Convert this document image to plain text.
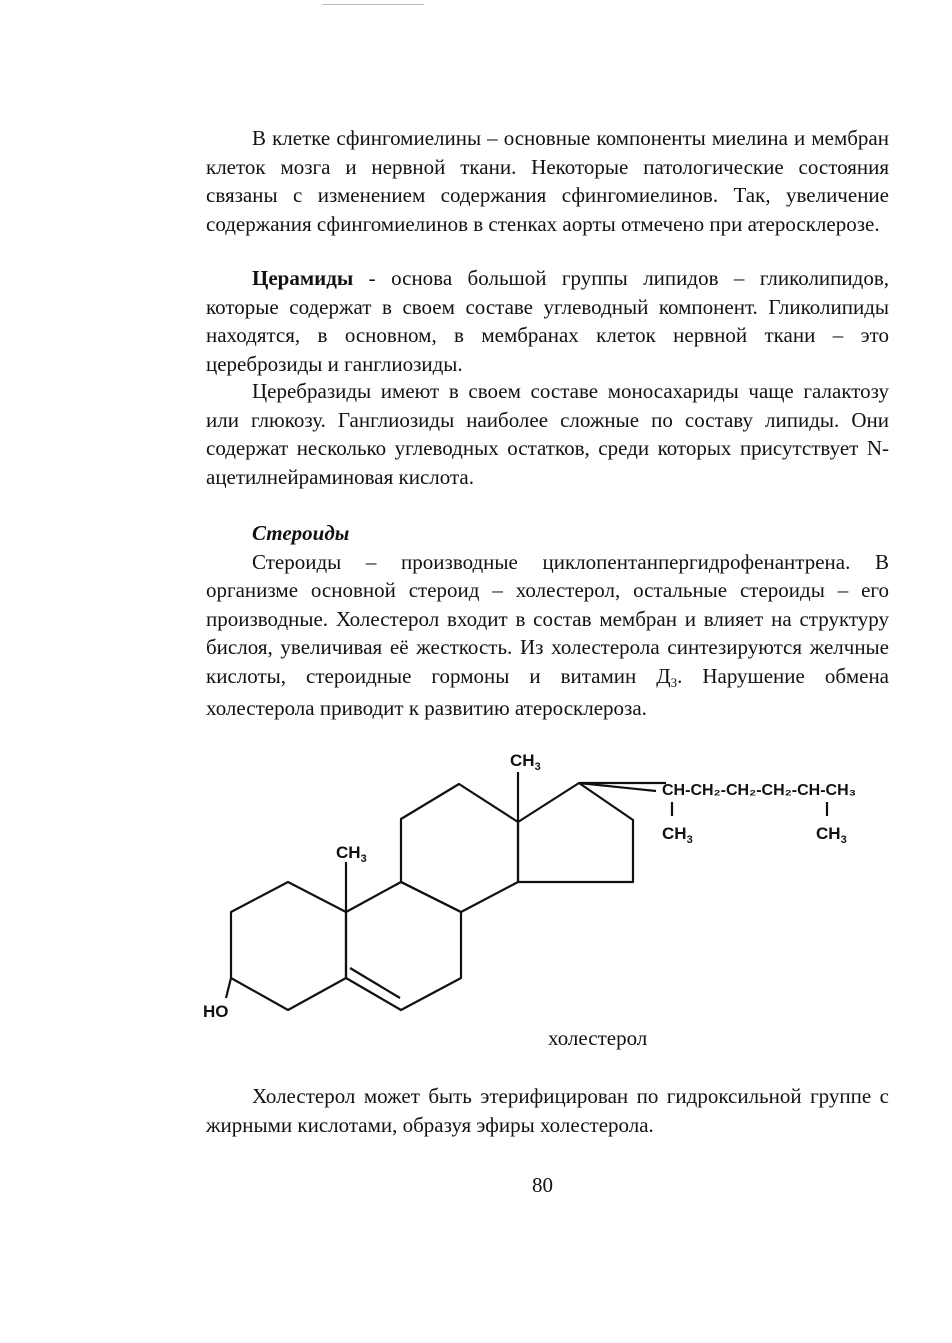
В клетке сфингомиелины – основные компоненты миелина и мембран клеток мозга и нервной ткани. Некоторые патологические состояния связаны с изменением содержания сфингомиелинов. Так, увеличение содержания сфингомиелинов в стенках аорты отмечено при атеросклерозе.

Церамиды - основа большой группы липидов – гликолипидов, которые содержат в своем составе углеводный компонент. Гликолипиды находятся, в основном, в мембранах клеток нервной ткани – это цереброзиды и ганглиозиды.

Церебразиды имеют в своем составе моносахариды чаще галактозу или глюкозу. Ганглиозиды наиболее сложные по составу липиды. Они содержат несколько углеводных остатков, среди которых присутствует N-ацетилнейраминовая кислота.

Стероиды

Стероиды – производные циклопентанпергидрофенантрена. В организме основной стероид – холестерол, остальные стероиды – его производные. Холестерол входит в состав мембран и влияет на структуру бислоя, увеличивая её жесткость. Из холестерола синтезируются желчные кислоты, стероидные гормоны и витамин Д3. Нарушение обмена холестерола приводит к развитию атеросклероза.

$CH_3$
$CH_3$
HO
CH-CH₂-CH₂-CH₂-CH-CH₃
$CH_3$	$CH_3$
холестерол

Холестерол может быть этерифицирован по гидроксильной группе с жирными кислотами, образуя эфиры холестерола.

80
